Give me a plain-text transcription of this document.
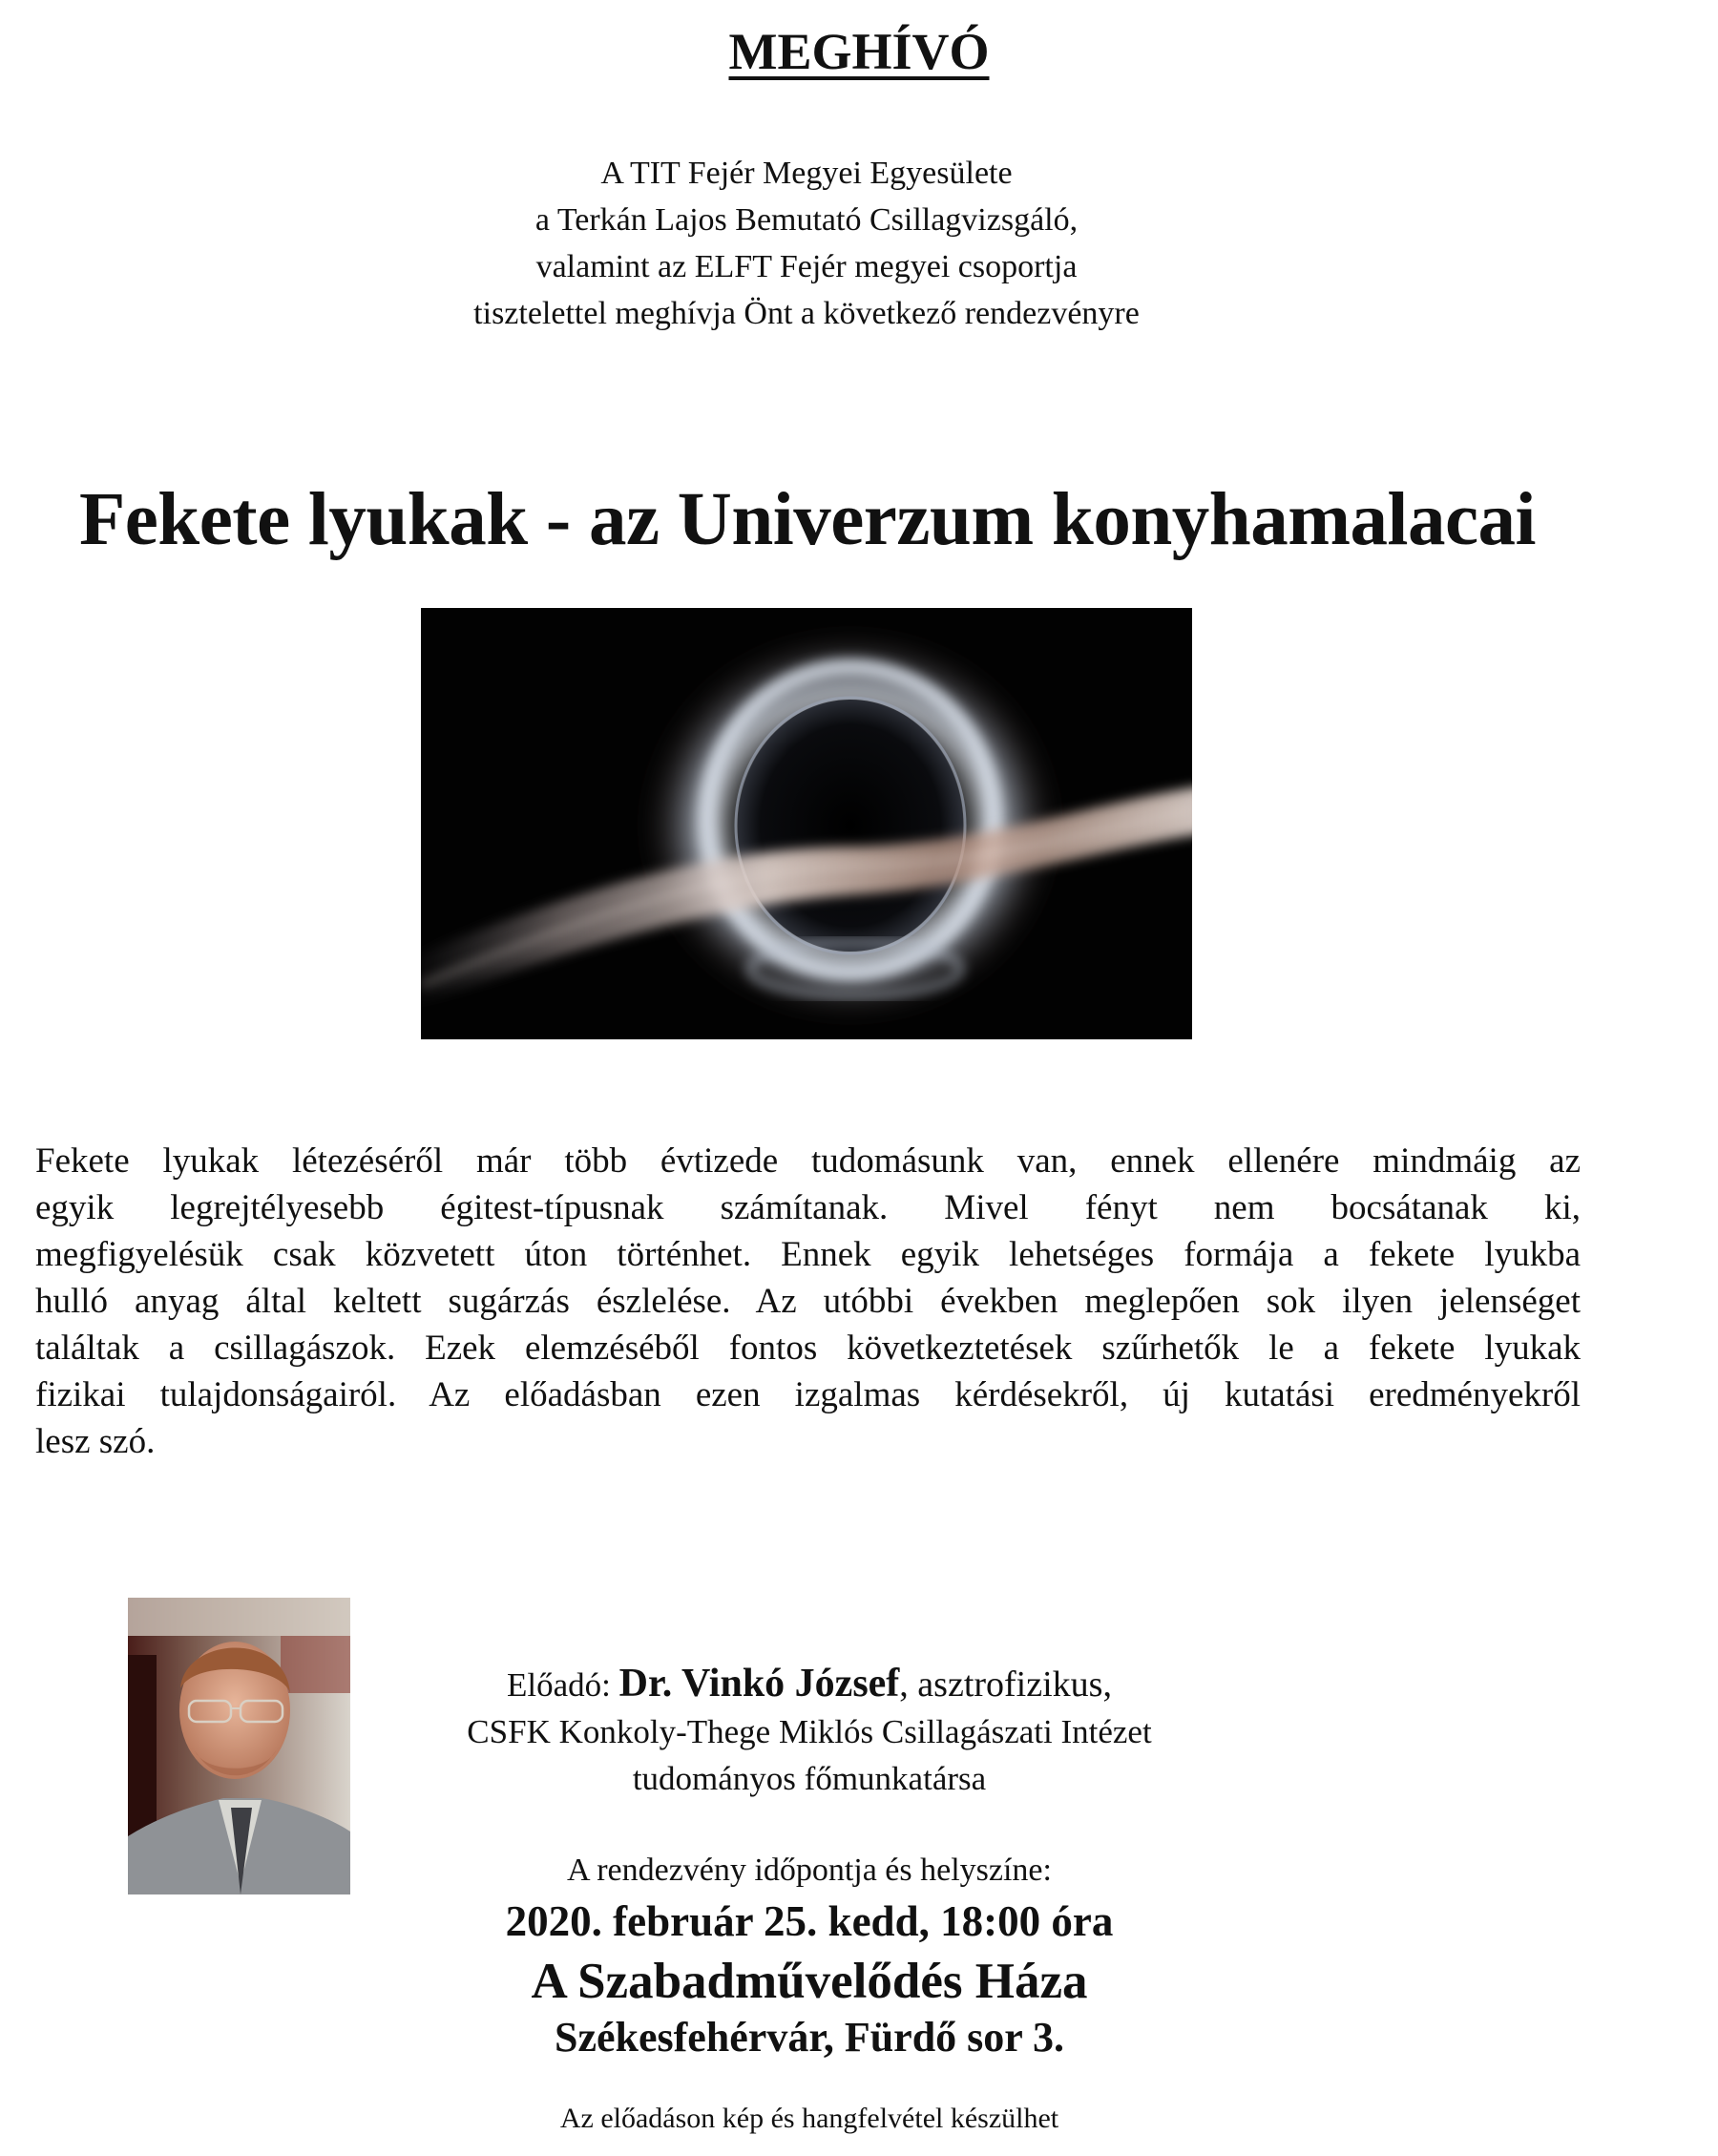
MEGHÍVÓ
A TIT Fejér Megyei Egyesülete
a Terkán Lajos Bemutató Csillagvizsgáló,
valamint az ELFT Fejér megyei csoportja
tisztelettel meghívja Önt a következő rendezvényre
Fekete lyukak - az Univerzum konyhamalacai
Fekete lyukak létezéséről már több évtizede tudomásunk van, ennek ellenére mindmáig az
egyik legrejtélyesebb égitest-típusnak számítanak. Mivel fényt nem bocsátanak ki,
megfigyelésük csak közvetett úton történhet. Ennek egyik lehetséges formája a fekete lyukba
hulló anyag által keltett sugárzás észlelése. Az utóbbi években meglepően sok ilyen jelenséget
találtak a csillagászok. Ezek elemzéséből fontos következtetések szűrhetők le a fekete lyukak
fizikai tulajdonságairól. Az előadásban ezen izgalmas kérdésekről, új kutatási eredményekről
lesz szó.
Előadó: Dr. Vinkó József, asztrofizikus,
CSFK Konkoly-Thege Miklós Csillagászati Intézet
tudományos főmunkatársa
A rendezvény időpontja és helyszíne:
2020. február 25. kedd, 18:00 óra
A Szabadművelődés Háza
Székesfehérvár, Fürdő sor 3.
Az előadáson kép és hangfelvétel készülhet
